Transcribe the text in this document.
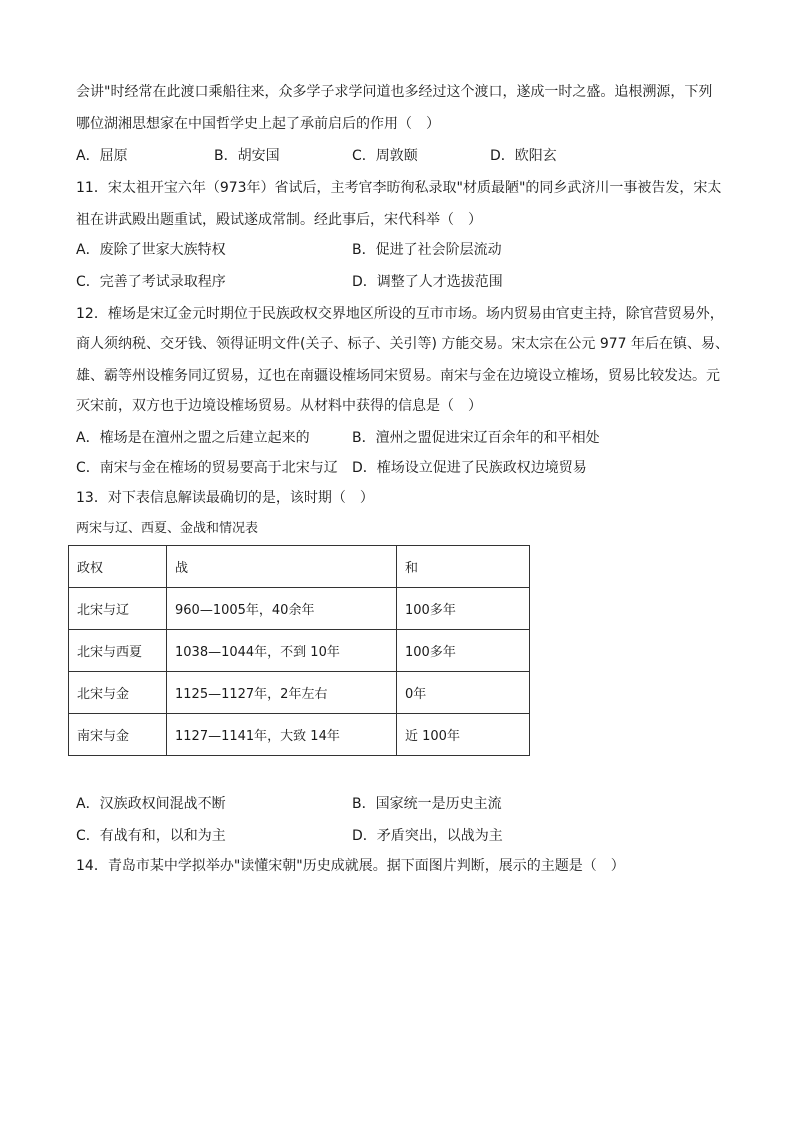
会讲"时经常在此渡口乘船往来，众多学子求学问道也多经过这个渡口，遂成一时之盛。追根溯源，下列
哪位湖湘思想家在中国哲学史上起了承前启后的作用（　）
A．屈原	B．胡安国	C．周敦颐	D．欧阳玄
11．宋太祖开宝六年（973年）省试后，主考官李昉徇私录取"材质最陋"的同乡武济川一事被告发，宋太
祖在讲武殿出题重试，殿试遂成常制。经此事后，宋代科举（　）
A．废除了世家大族特权	B．促进了社会阶层流动
C．完善了考试录取程序	D．调整了人才选拔范围
12．榷场是宋辽金元时期位于民族政权交界地区所设的互市市场。场内贸易由官吏主持，除官营贸易外，
商人须纳税、交牙钱、领得证明文件(关子、标子、关引等) 方能交易。宋太宗在公元 977 年后在镇、易、
雄、霸等州设榷务同辽贸易，辽也在南疆设榷场同宋贸易。南宋与金在边境设立榷场，贸易比较发达。元
灭宋前，双方也于边境设榷场贸易。从材料中获得的信息是（　）
A．榷场是在澶州之盟之后建立起来的	B．澶州之盟促进宋辽百余年的和平相处
C．南宋与金在榷场的贸易要高于北宋与辽 D．榷场设立促进了民族政权边境贸易
13．对下表信息解读最确切的是，该时期（　）
两宋与辽、西夏、金战和情况表
政权	战	和
北宋与辽	960—1005年，40余年	100多年
北宋与西夏	1038—1044年，不到 10年	100多年
北宋与金	1125—1127年，2年左右	0年
南宋与金	1127—1141年，大致 14年	近 100年
A．汉族政权间混战不断	B．国家统一是历史主流
C．有战有和，以和为主	D．矛盾突出，以战为主
14．青岛市某中学拟举办"读懂宋朝"历史成就展。据下面图片判断，展示的主题是（　）
